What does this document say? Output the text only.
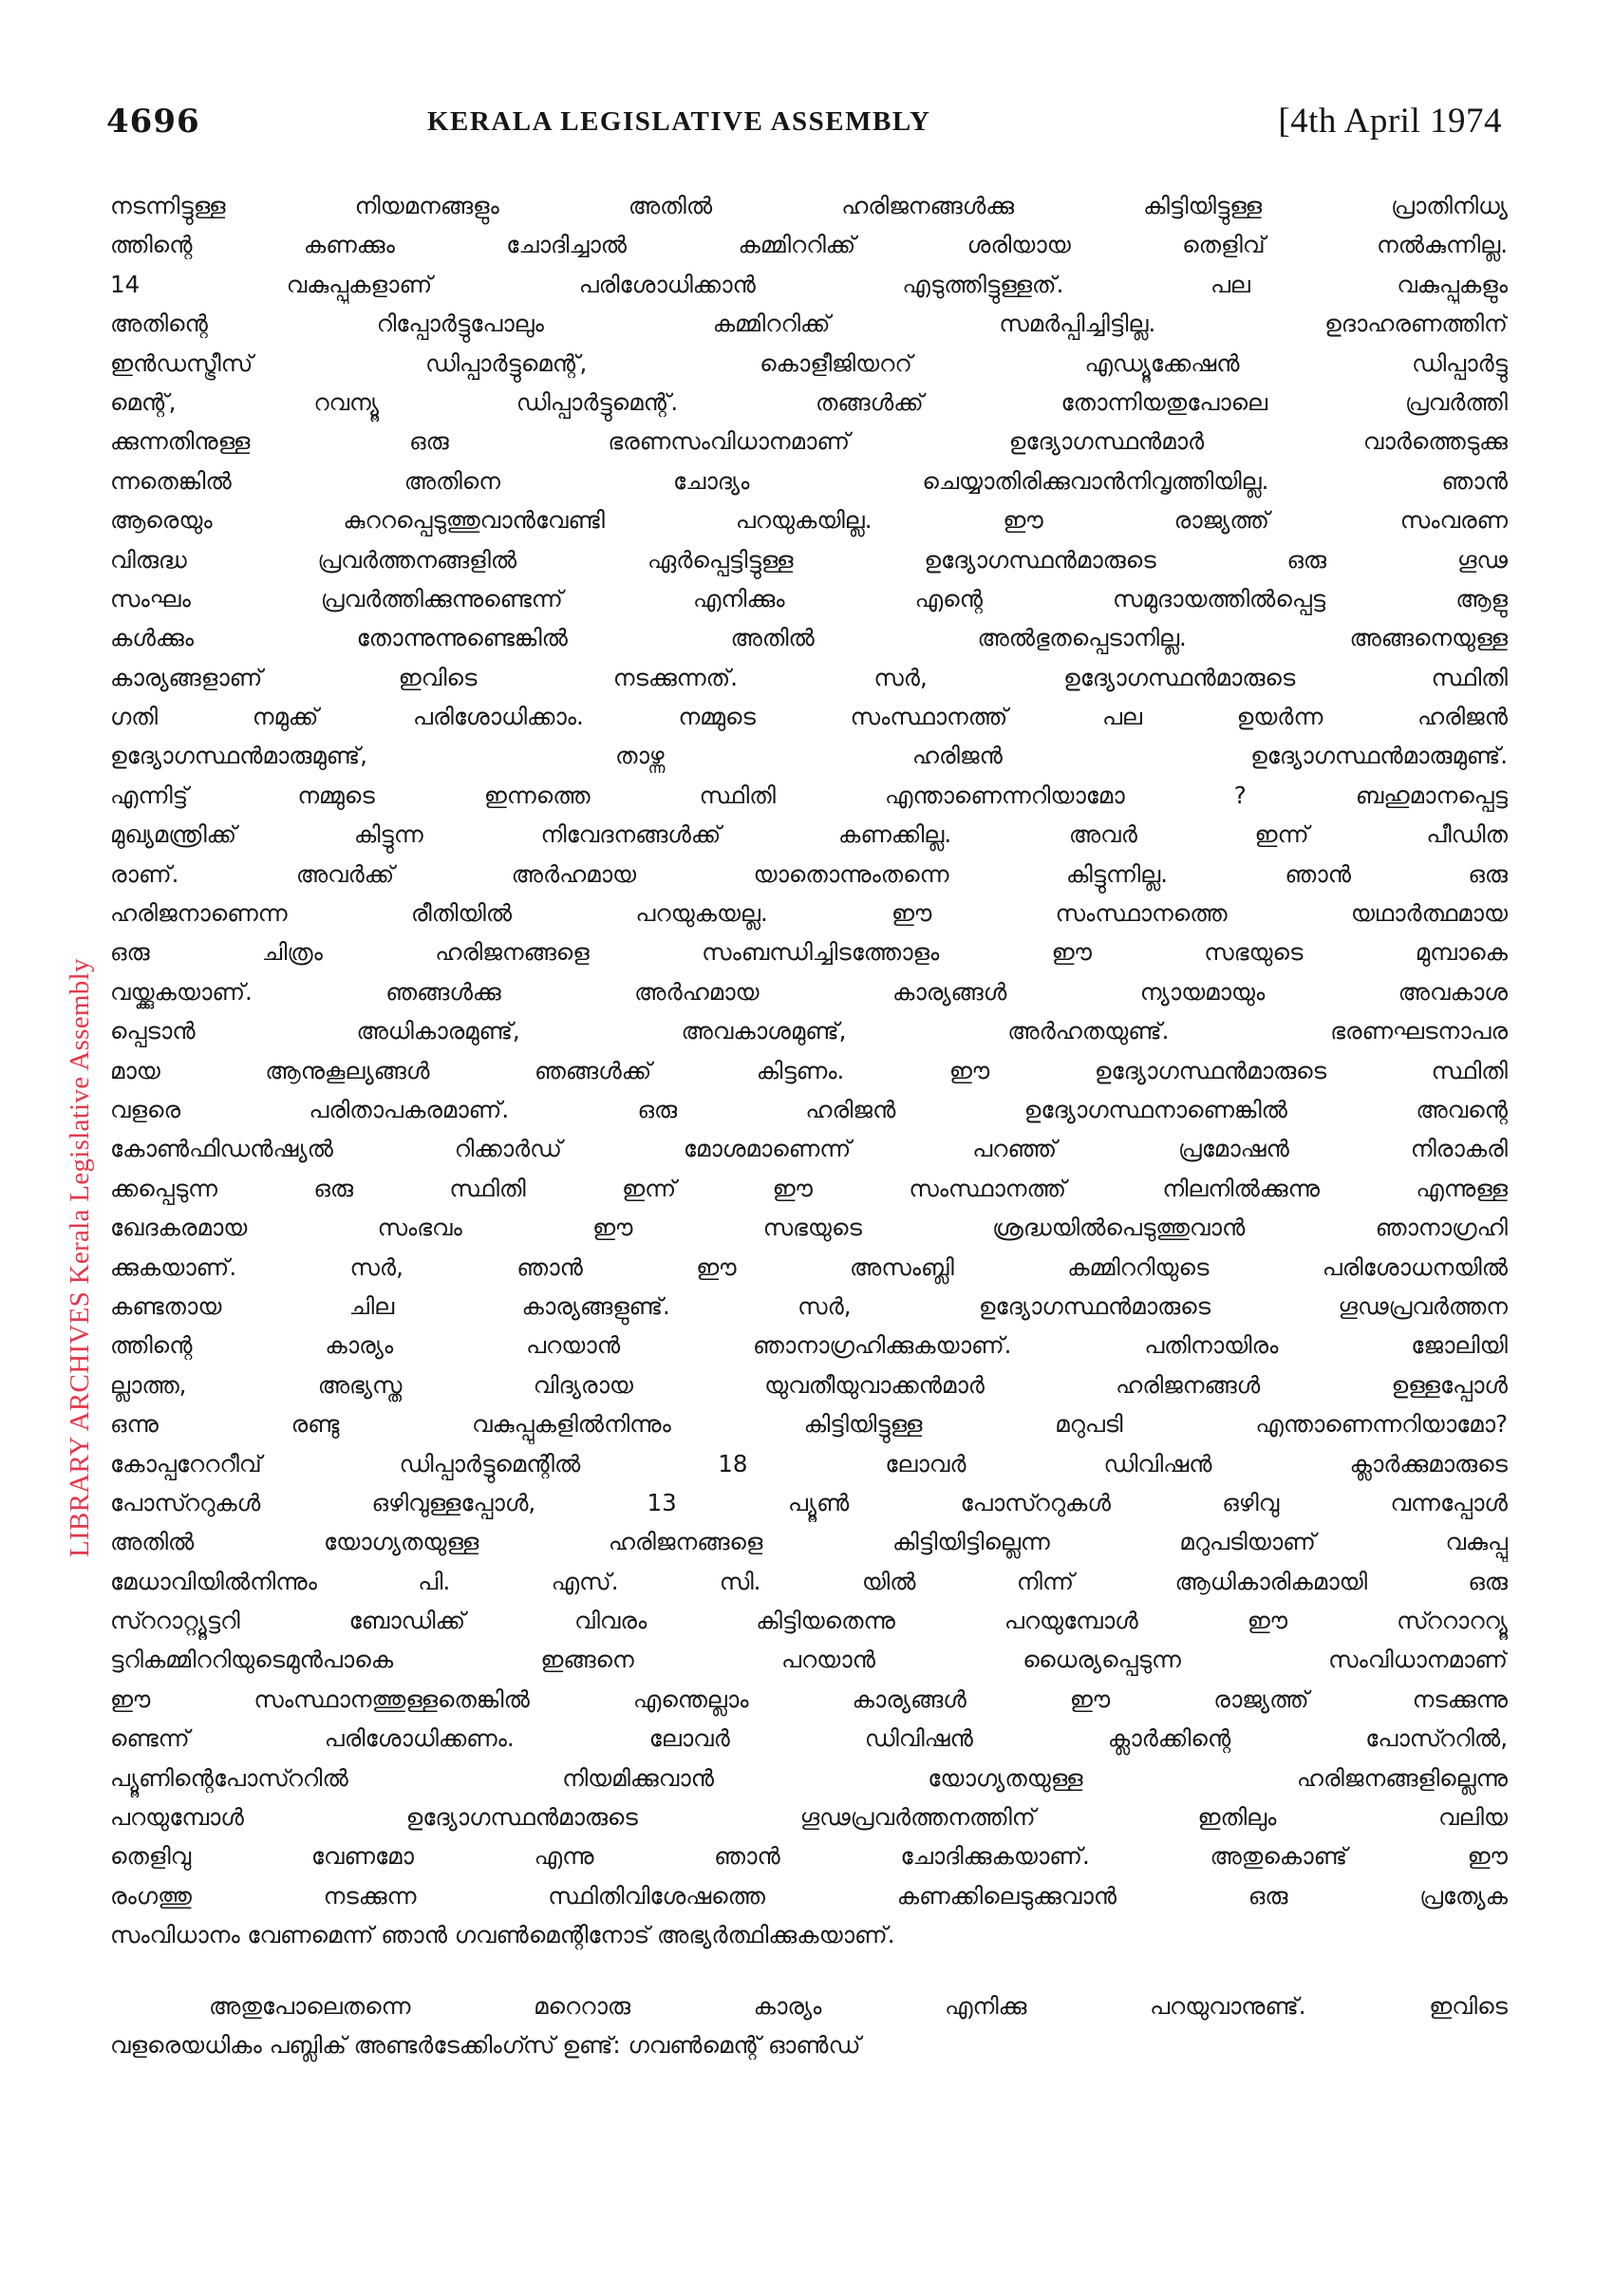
4696	KERALA LEGISLATIVE ASSEMBLY	[4th April 1974
നടന്നിട്ടുള്ള നിയമനങ്ങളും അതിൽ ഹരിജനങ്ങൾക്കു കിട്ടിയിട്ടുള്ള പ്രാതിനിധ്യ
ത്തിന്റെ കണക്കും ചോദിച്ചാൽ കമ്മിററിക്ക് ശരിയായ തെളിവ് നൽകുന്നില്ല.
14 വകുപ്പുകളാണ് പരിശോധിക്കാൻ എടുത്തിട്ടുള്ളത്. പല വകുപ്പുകളും
അതിന്റെ റിപ്പോർട്ടുപോലും കമ്മിററിക്ക് സമർപ്പിച്ചിട്ടില്ല. ഉദാഹരണത്തിന്
ഇൻഡസ്ട്രീസ് ഡിപ്പാർട്ടുമെന്റ്, കൊളീജിയററ് എഡ്യൂക്കേഷൻ ഡിപ്പാർട്ടു
മെന്റ്, റവന്യൂ ഡിപ്പാർട്ടുമെന്റ്. തങ്ങൾക്ക് തോന്നിയതുപോലെ പ്രവർത്തി
ക്കുന്നതിനുള്ള ഒരു ഭരണസംവിധാനമാണ് ഉദ്യോഗസ്ഥൻമാർ വാർത്തെടുക്കു
ന്നതെങ്കിൽ അതിനെ ചോദ്യം ചെയ്യാതിരിക്കുവാൻനിവൃത്തിയില്ല. ഞാൻ
ആരെയും കുററപ്പെടുത്തുവാൻവേണ്ടി പറയുകയില്ല. ഈ രാജ്യത്ത് സംവരണ
വിരുദ്ധ പ്രവർത്തനങ്ങളിൽ ഏർപ്പെട്ടിട്ടുള്ള ഉദ്യോഗസ്ഥൻമാരുടെ ഒരു ഗൂഢ
സംഘം പ്രവർത്തിക്കുന്നുണ്ടെന്ന് എനിക്കും എന്റെ സമുദായത്തിൽപ്പെട്ട ആളു
കൾക്കും തോന്നുന്നുണ്ടെങ്കിൽ അതിൽ അൽഭുതപ്പെടാനില്ല. അങ്ങനെയുള്ള
കാര്യങ്ങളാണ് ഇവിടെ നടക്കുന്നത്. സർ, ഉദ്യോഗസ്ഥൻമാരുടെ സ്ഥിതി
ഗതി നമുക്ക് പരിശോധിക്കാം. നമ്മുടെ സംസ്ഥാനത്ത് പല ഉയർന്ന ഹരിജൻ
ഉദ്യോഗസ്ഥൻമാരുമുണ്ട്, താഴ്ന്ന ഹരിജൻ ഉദ്യോഗസ്ഥൻമാരുമുണ്ട്.
എന്നിട്ട് നമ്മുടെ ഇന്നത്തെ സ്ഥിതി എന്താണെന്നറിയാമോ ? ബഹുമാനപ്പെട്ട
മുഖ്യമന്ത്രിക്ക് കിട്ടുന്ന നിവേദനങ്ങൾക്ക് കണക്കില്ല. അവർ ഇന്ന് പീഡിത
രാണ്. അവർക്ക് അർഹമായ യാതൊന്നുംതന്നെ കിട്ടുന്നില്ല. ഞാൻ ഒരു
ഹരിജനാണെന്ന രീതിയിൽ പറയുകയല്ല. ഈ സംസ്ഥാനത്തെ യഥാർത്ഥമായ
ഒരു ചിത്രം ഹരിജനങ്ങളെ സംബന്ധിച്ചിടത്തോളം ഈ സഭയുടെ മുമ്പാകെ
വയ്ക്കുകയാണ്. ഞങ്ങൾക്കു അർഹമായ കാര്യങ്ങൾ ന്യായമായും അവകാശ
പ്പെടാൻ അധികാരമുണ്ട്, അവകാശമുണ്ട്, അർഹതയുണ്ട്. ഭരണഘടനാപര
മായ ആനുകൂല്യങ്ങൾ ഞങ്ങൾക്ക് കിട്ടണം. ഈ ഉദ്യോഗസ്ഥൻമാരുടെ സ്ഥിതി
വളരെ പരിതാപകരമാണ്. ഒരു ഹരിജൻ ഉദ്യോഗസ്ഥനാണെങ്കിൽ അവന്റെ
കോൺഫിഡൻഷ്യൽ റിക്കാർഡ് മോശമാണെന്ന് പറഞ്ഞ് പ്രമോഷൻ നിരാകരി
ക്കപ്പെടുന്ന ഒരു സ്ഥിതി ഇന്ന് ഈ സംസ്ഥാനത്ത് നിലനിൽക്കുന്നു എന്നുള്ള
ഖേദകരമായ സംഭവം ഈ സഭയുടെ ശ്രദ്ധയിൽപെടുത്തുവാൻ ഞാനാഗ്രഹി
ക്കുകയാണ്. സർ, ഞാൻ ഈ അസംബ്ലി കമ്മിററിയുടെ പരിശോധനയിൽ
കണ്ടതായ ചില കാര്യങ്ങളുണ്ട്. സർ, ഉദ്യോഗസ്ഥൻമാരുടെ ഗൂഢപ്രവർത്തന
ത്തിന്റെ കാര്യം പറയാൻ ഞാനാഗ്രഹിക്കുകയാണ്. പതിനായിരം ജോലിയി
ല്ലാത്ത, അഭ്യസ്ത വിദ്യരായ യുവതീയുവാക്കൻമാർ ഹരിജനങ്ങൾ ഉള്ളപ്പോൾ
ഒന്നു രണ്ടു വകുപ്പുകളിൽനിന്നും കിട്ടിയിട്ടുള്ള മറുപടി എന്താണെന്നറിയാമോ?
കോപ്പറേററീവ് ഡിപ്പാർട്ടുമെന്റിൽ 18 ലോവർ ഡിവിഷൻ ക്ലാർക്കുമാരുടെ
പോസ്ററുകൾ ഒഴിവുള്ളപ്പോൾ, 13 പ്യൂൺ പോസ്ററുകൾ ഒഴിവു വന്നപ്പോൾ
അതിൽ യോഗ്യതയുള്ള ഹരിജനങ്ങളെ കിട്ടിയിട്ടില്ലെന്ന മറുപടിയാണ് വകുപ്പു
മേധാവിയിൽനിന്നും പി. എസ്. സി. യിൽ നിന്ന് ആധികാരികമായി ഒരു
സ്ററാറ്റ്യൂട്ടറി ബോഡിക്ക് വിവരം കിട്ടിയതെന്നു പറയുമ്പോൾ ഈ സ്ററാററ്യൂ
ട്ടറികമ്മിററിയുടെമുൻപാകെ ഇങ്ങനെ പറയാൻ ധൈര്യപ്പെടുന്ന സംവിധാനമാണ്
ഈ സംസ്ഥാനത്തുള്ളതെങ്കിൽ എന്തെല്ലാം കാര്യങ്ങൾ ഈ രാജ്യത്ത് നടക്കുന്നു
ണ്ടെന്ന് പരിശോധിക്കണം. ലോവർ ഡിവിഷൻ ക്ലാർക്കിന്റെ പോസ്ററിൽ,
പ്യൂണിന്റെപോസ്ററിൽ നിയമിക്കുവാൻ യോഗ്യതയുള്ള ഹരിജനങ്ങളില്ലെന്നു
പറയുമ്പോൾ ഉദ്യോഗസ്ഥൻമാരുടെ ഗൂഢപ്രവർത്തനത്തിന് ഇതിലും വലിയ
തെളിവു വേണമോ എന്നു ഞാൻ ചോദിക്കുകയാണ്. അതുകൊണ്ട് ഈ
രംഗത്തു നടക്കുന്ന സ്ഥിതിവിശേഷത്തെ കണക്കിലെടുക്കുവാൻ ഒരു പ്രത്യേക
സംവിധാനം വേണമെന്ന് ഞാൻ ഗവൺമെന്റിനോട് അഭ്യർത്ഥിക്കുകയാണ്.
അതുപോലെതന്നെ മറെറാരു കാര്യം എനിക്കു പറയുവാനുണ്ട്. ഇവിടെ
വളരെയധികം പബ്ലിക് അണ്ടർടേക്കിംഗ്സ് ഉണ്ട്: ഗവൺമെന്റ് ഓൺഡ്
LIBRARY ARCHIVES Kerala Legislative Assembly
